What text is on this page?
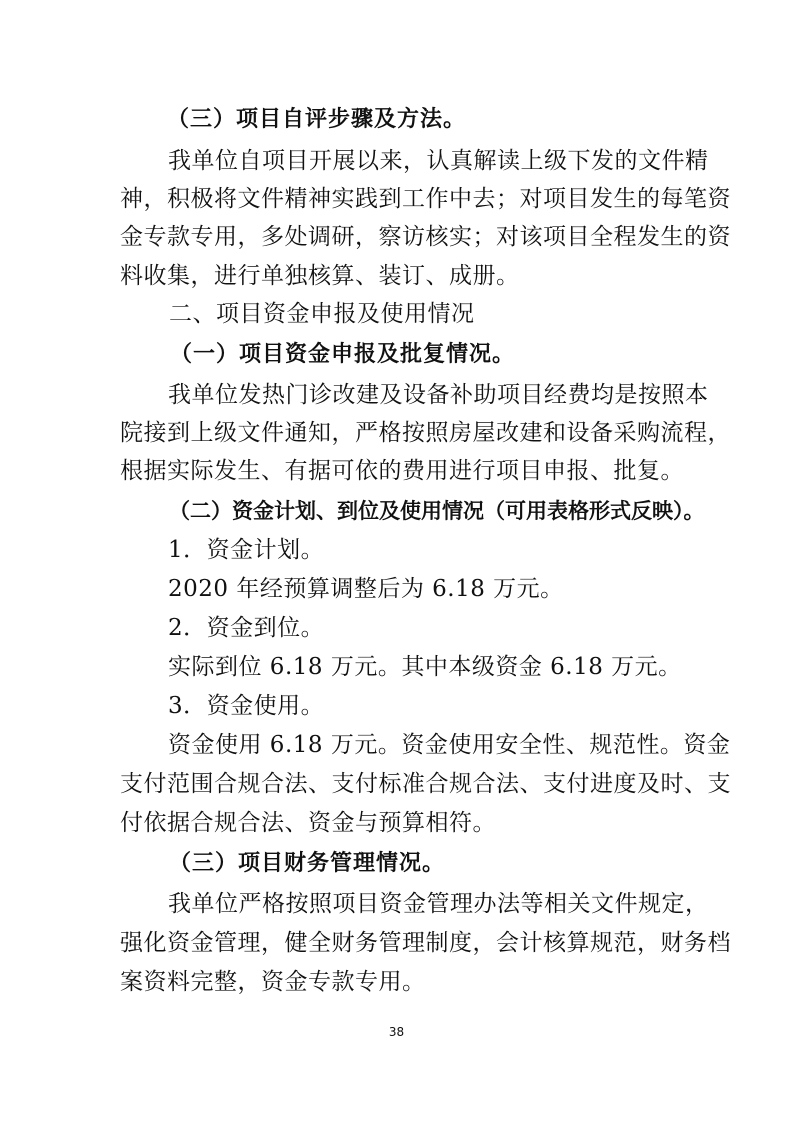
（三）项目自评步骤及方法。
我单位自项目开展以来，认真解读上级下发的文件精
神，积极将文件精神实践到工作中去；对项目发生的每笔资
金专款专用，多处调研，察访核实；对该项目全程发生的资
料收集，进行单独核算、装订、成册。
二、项目资金申报及使用情况
（一）项目资金申报及批复情况。
我单位发热门诊改建及设备补助项目经费均是按照本
院接到上级文件通知，严格按照房屋改建和设备采购流程，
根据实际发生、有据可依的费用进行项目申报、批复。
（二）资金计划、到位及使用情况（可用表格形式反映）。
1．资金计划。
2020 年经预算调整后为 6.18 万元。
2．资金到位。
实际到位 6.18 万元。其中本级资金 6.18 万元。
3．资金使用。
资金使用 6.18 万元。资金使用安全性、规范性。资金
支付范围合规合法、支付标准合规合法、支付进度及时、支
付依据合规合法、资金与预算相符。
（三）项目财务管理情况。
我单位严格按照项目资金管理办法等相关文件规定，
强化资金管理，健全财务管理制度，会计核算规范，财务档
案资料完整，资金专款专用。
38
